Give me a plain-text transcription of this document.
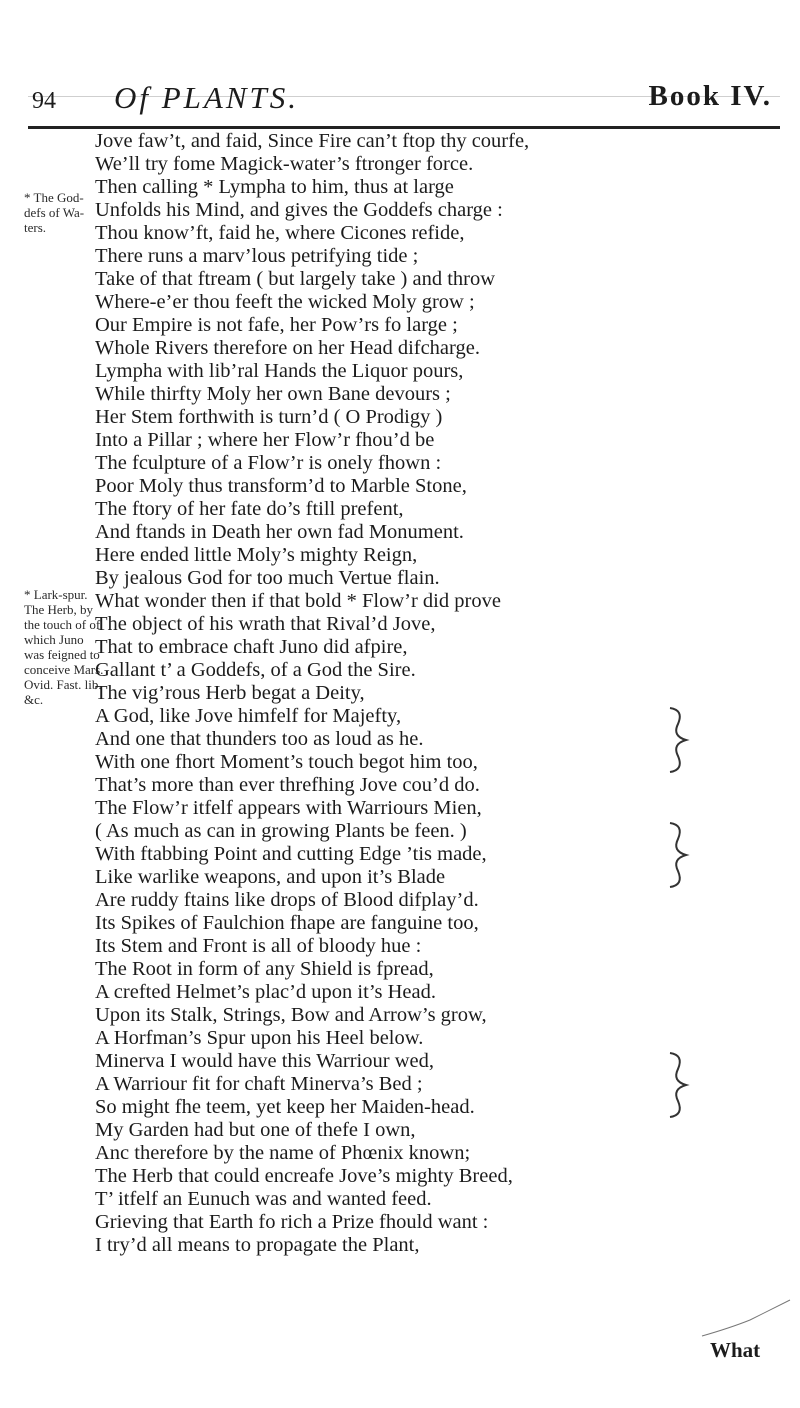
94 Of PLANTS.	Book IV.
* The God-defs of Wa-ters.
* Lark-spur. The Herb, by the touch of of which Juno was feigned to conceive Mars. Ovid. Fast. lib. &c.
Jove faw’t, and faid, Since Fire can’t ftop thy courfe,
We’ll try fome Magick-water’s ftronger force.
Then calling * Lympha to him, thus at large
Unfolds his Mind, and gives the Goddefs charge :
Thou know’ft, faid he, where Cicones refide,
There runs a marv’lous petrifying tide ;
Take of that ftream ( but largely take ) and throw
Where-e’er thou feeft the wicked Moly grow ;
Our Empire is not fafe, her Pow’rs fo large ;
Whole Rivers therefore on her Head difcharge.
Lympha with lib’ral Hands the Liquor pours,
While thirfty Moly her own Bane devours ;
Her Stem forthwith is turn’d ( O Prodigy )
Into a Pillar ; where her Flow’r fhou’d be
The fculpture of a Flow’r is onely fhown :
Poor Moly thus transform’d to Marble Stone,
The ftory of her fate do’s ftill prefent,
And ftands in Death her own fad Monument.
Here ended little Moly’s mighty Reign,
By jealous God for too much Vertue flain.
What wonder then if that bold * Flow’r did prove
The object of his wrath that Rival’d Jove,
That to embrace chaft Juno did afpire,
Gallant t’ a Goddefs, of a God the Sire.
The vig’rous Herb begat a Deity,
A God, like Jove himfelf for Majefty,
And one that thunders too as loud as he.
With one fhort Moment’s touch begot him too,
That’s more than ever threfhing Jove cou’d do.
The Flow’r itfelf appears with Warriours Mien,
( As much as can in growing Plants be feen. )
With ftabbing Point and cutting Edge ’tis made,
Like warlike weapons, and upon it’s Blade
Are ruddy ftains like drops of Blood difplay’d.
Its Spikes of Faulchion fhape are fanguine too,
Its Stem and Front is all of bloody hue :
The Root in form of any Shield is fpread,
A crefted Helmet’s plac’d upon it’s Head.
Upon its Stalk, Strings, Bow and Arrow’s grow,
A Horfman’s Spur upon his Heel below.
Minerva I would have this Warriour wed,
A Warriour fit for chaft Minerva’s Bed ;
So might fhe teem, yet keep her Maiden-head.
My Garden had but one of thefe I own,
Anc therefore by the name of Phœnix known;
The Herb that could encreafe Jove’s mighty Breed,
T’ itfelf an Eunuch was and wanted feed.
Grieving that Earth fo rich a Prize fhould want :
I try’d all means to propagate the Plant,
What
